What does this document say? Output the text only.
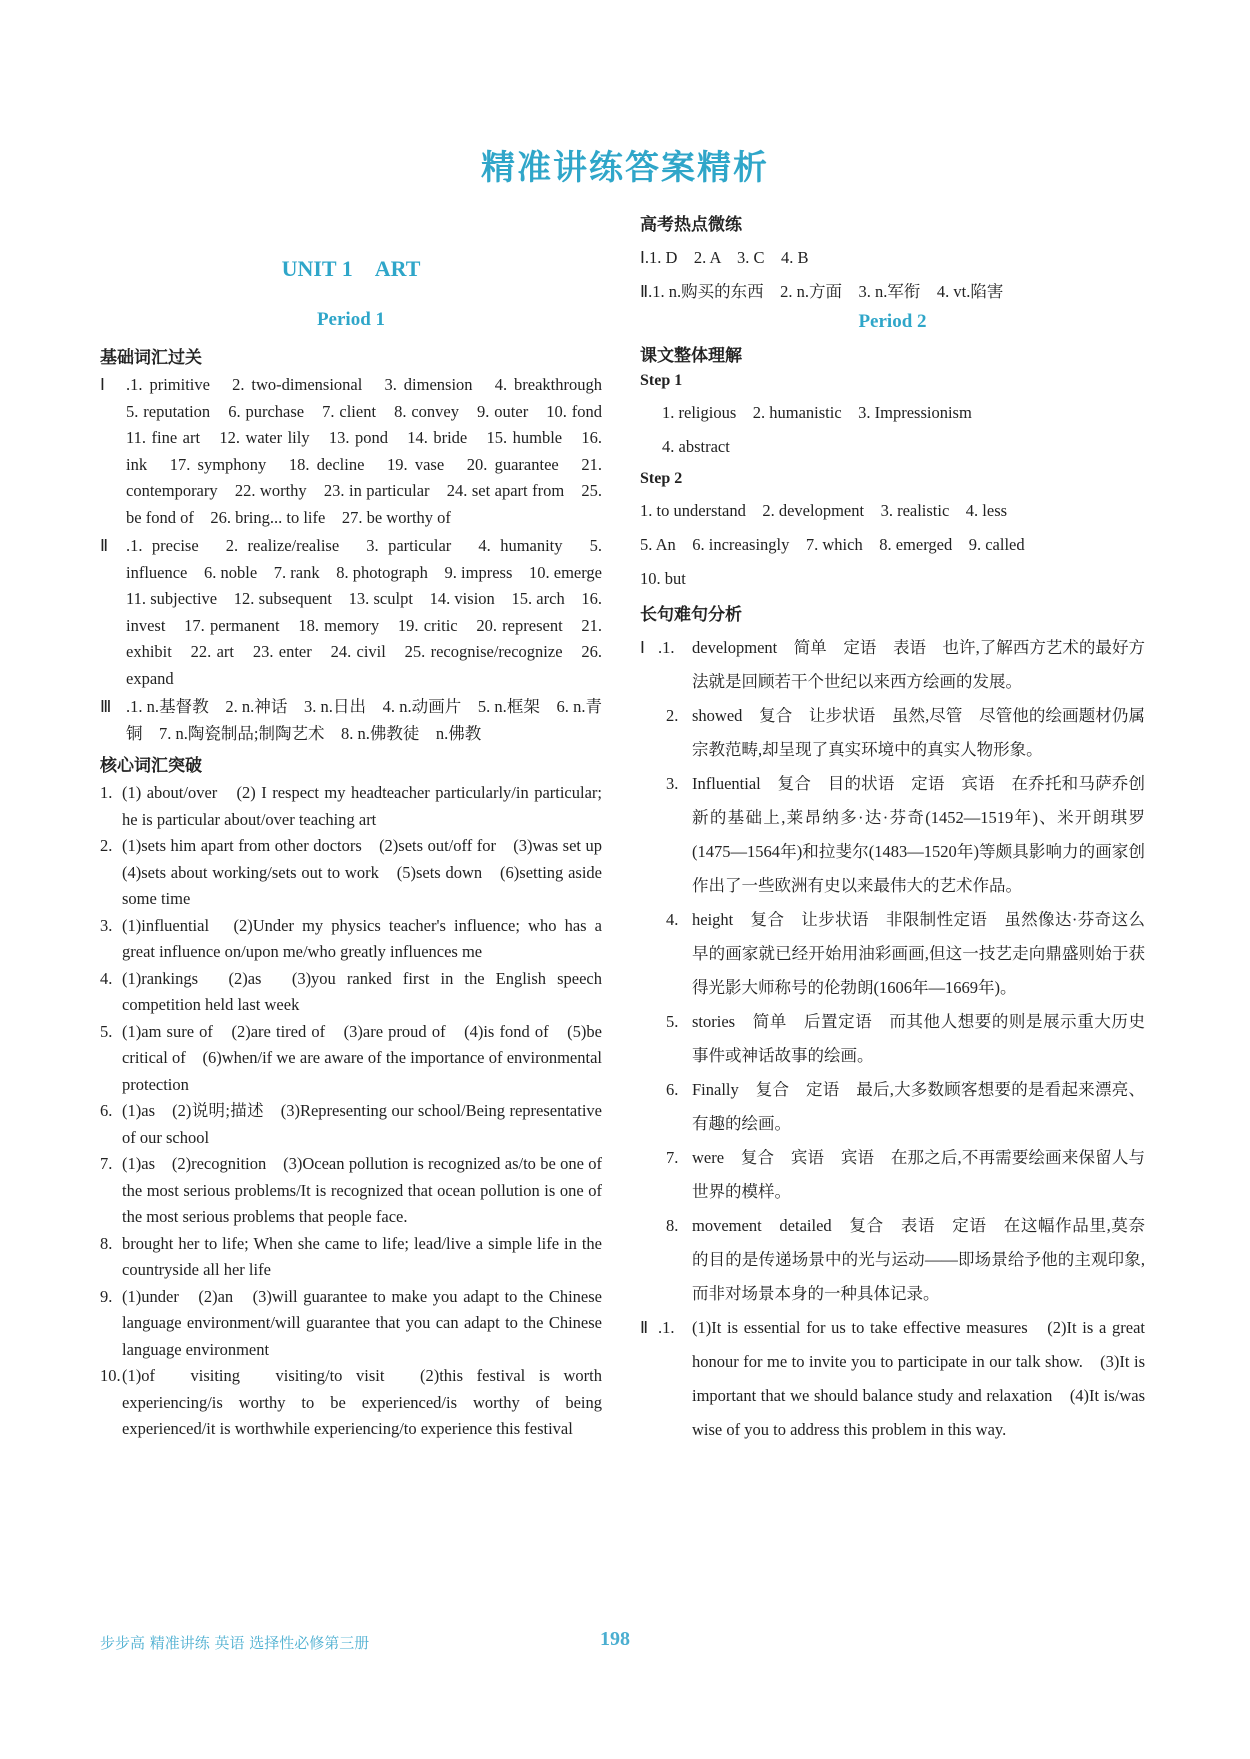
精准讲练答案精析
UNIT 1　ART
Period 1
基础词汇过关
Ⅰ .1. primitive　2. two-dimensional　3. dimension　4. breakthrough　5. reputation　6. purchase　7. client　8. convey　9. outer　10. fond　11. fine art　12. water lily　13. pond　14. bride　15. humble　16. ink　17. symphony　18. decline　19. vase　20. guarantee　21. contemporary　22. worthy　23. in particular　24. set apart from　25. be fond of　26. bring... to life　27. be worthy of
Ⅱ .1. precise　2. realize/realise　3. particular　4. humanity　5. influence　6. noble　7. rank　8. photograph　9. impress　10. emerge　11. subjective　12. subsequent　13. sculpt　14. vision　15. arch　16. invest　17. permanent　18. memory　19. critic　20. represent　21. exhibit　22. art　23. enter　24. civil　25. recognise/recognize　26. expand
Ⅲ .1. n.基督教　2. n.神话　3. n.日出　4. n.动画片　5. n.框架　6. n.青铜　7. n.陶瓷制品;制陶艺术　8. n.佛教徒　n.佛教
核心词汇突破
1. (1) about/over　(2) I respect my headteacher particularly/in particular; he is particular about/over teaching art
2. (1)sets him apart from other doctors　(2)sets out/off for　(3)was set up　(4)sets about working/sets out to work　(5)sets down　(6)setting aside some time
3. (1)influential　(2)Under my physics teacher's influence; who has a great influence on/upon me/who greatly influences me
4. (1)rankings　(2)as　(3)you ranked first in the English speech competition held last week
5. (1)am sure of　(2)are tired of　(3)are proud of　(4)is fond of　(5)be critical of　(6)when/if we are aware of the importance of environmental protection
6. (1)as　(2)说明;描述　(3)Representing our school/Being representative of our school
7. (1)as　(2)recognition　(3)Ocean pollution is recognized as/to be one of the most serious problems/It is recognized that ocean pollution is one of the most serious problems that people face.
8. brought her to life; When she came to life; lead/live a simple life in the countryside all her life
9. (1)under　(2)an　(3)will guarantee to make you adapt to the Chinese language environment/will guarantee that you can adapt to the Chinese language environment
10. (1)of　visiting　visiting/to visit　(2)this festival is worth experiencing/is worthy to be experienced/is worthy of being experienced/it is worthwhile experiencing/to experience this festival
高考热点微练
Ⅰ.1. D　2. A　3. C　4. B
Ⅱ.1. n.购买的东西　2. n.方面　3. n.军衔　4. vt.陷害
Period 2
课文整体理解
Step 1
1. religious　2. humanistic　3. Impressionism
4. abstract
Step 2
1. to understand　2. development　3. realistic　4. less
5. An　6. increasingly　7. which　8. emerged　9. called
10. but
长句难句分析
Ⅰ .1. development　简单　定语　表语　也许,了解西方艺术的最好方法就是回顾若干个世纪以来西方绘画的发展。
2. showed　复合　让步状语　虽然,尽管　尽管他的绘画题材仍属宗教范畴,却呈现了真实环境中的真实人物形象。
3. Influential　复合　目的状语　定语　宾语　在乔托和马萨乔创新的基础上,莱昂纳多·达·芬奇(1452—1519年)、米开朗琪罗(1475—1564年)和拉斐尔(1483—1520年)等颇具影响力的画家创作出了一些欧洲有史以来最伟大的艺术作品。
4. height　复合　让步状语　非限制性定语　虽然像达·芬奇这么早的画家就已经开始用油彩画画,但这一技艺走向鼎盛则始于获得光影大师称号的伦勃朗(1606年—1669年)。
5. stories　简单　后置定语　而其他人想要的则是展示重大历史事件或神话故事的绘画。
6. Finally　复合　定语　最后,大多数顾客想要的是看起来漂亮、有趣的绘画。
7. were　复合　宾语　宾语　在那之后,不再需要绘画来保留人与世界的模样。
8. movement　detailed　复合　表语　定语　在这幅作品里,莫奈的目的是传递场景中的光与运动——即场景给予他的主观印象,而非对场景本身的一种具体记录。
Ⅱ .1. (1)It is essential for us to take effective measures　(2)It is a great honour for me to invite you to participate in our talk show.　(3)It is important that we should balance study and relaxation　(4)It is/was wise of you to address this problem in this way.
步步高 精准讲练 英语 选择性必修第三册	198
